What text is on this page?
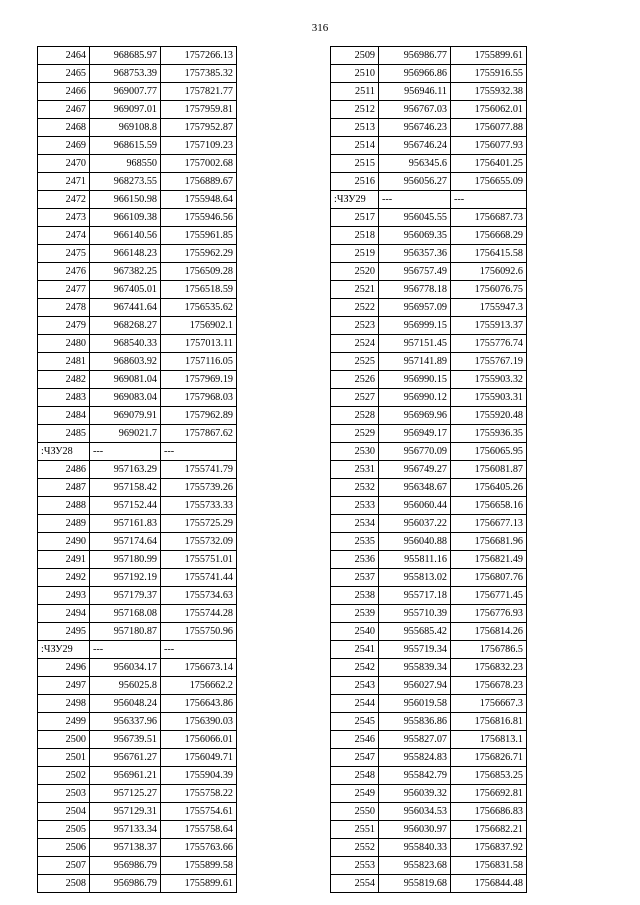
316
2464	968685.97	1757266.13
2465	968753.39	1757385.32
2466	969007.77	1757821.77
2467	969097.01	1757959.81
2468	969108.8	1757952.87
2469	968615.59	1757109.23
2470	968550	1757002.68
2471	968273.55	1756889.67
2472	966150.98	1755948.64
2473	966109.38	1755946.56
2474	966140.56	1755961.85
2475	966148.23	1755962.29
2476	967382.25	1756509.28
2477	967405.01	1756518.59
2478	967441.64	1756535.62
2479	968268.27	1756902.1
2480	968540.33	1757013.11
2481	968603.92	1757116.05
2482	969081.04	1757969.19
2483	969083.04	1757968.03
2484	969079.91	1757962.89
2485	969021.7	1757867.62
:ЧЗУ28	---	---
2486	957163.29	1755741.79
2487	957158.42	1755739.26
2488	957152.44	1755733.33
2489	957161.83	1755725.29
2490	957174.64	1755732.09
2491	957180.99	1755751.01
2492	957192.19	1755741.44
2493	957179.37	1755734.63
2494	957168.08	1755744.28
2495	957180.87	1755750.96
:ЧЗУ29	---	---
2496	956034.17	1756673.14
2497	956025.8	1756662.2
2498	956048.24	1756643.86
2499	956337.96	1756390.03
2500	956739.51	1756066.01
2501	956761.27	1756049.71
2502	956961.21	1755904.39
2503	957125.27	1755758.22
2504	957129.31	1755754.61
2505	957133.34	1755758.64
2506	957138.37	1755763.66
2507	956986.79	1755899.58
2508	956986.79	1755899.61
2509	956986.77	1755899.61
2510	956966.86	1755916.55
2511	956946.11	1755932.38
2512	956767.03	1756062.01
2513	956746.23	1756077.88
2514	956746.24	1756077.93
2515	956345.6	1756401.25
2516	956056.27	1756655.09
:ЧЗУ29	---	---
2517	956045.55	1756687.73
2518	956069.35	1756668.29
2519	956357.36	1756415.58
2520	956757.49	1756092.6
2521	956778.18	1756076.75
2522	956957.09	1755947.3
2523	956999.15	1755913.37
2524	957151.45	1755776.74
2525	957141.89	1755767.19
2526	956990.15	1755903.32
2527	956990.12	1755903.31
2528	956969.96	1755920.48
2529	956949.17	1755936.35
2530	956770.09	1756065.95
2531	956749.27	1756081.87
2532	956348.67	1756405.26
2533	956060.44	1756658.16
2534	956037.22	1756677.13
2535	956040.88	1756681.96
2536	955811.16	1756821.49
2537	955813.02	1756807.76
2538	955717.18	1756771.45
2539	955710.39	1756776.93
2540	955685.42	1756814.26
2541	955719.34	1756786.5
2542	955839.34	1756832.23
2543	956027.94	1756678.23
2544	956019.58	1756667.3
2545	955836.86	1756816.81
2546	955827.07	1756813.1
2547	955824.83	1756826.71
2548	955842.79	1756853.25
2549	956039.32	1756692.81
2550	956034.53	1756686.83
2551	956030.97	1756682.21
2552	955840.33	1756837.92
2553	955823.68	1756831.58
2554	955819.68	1756844.48
